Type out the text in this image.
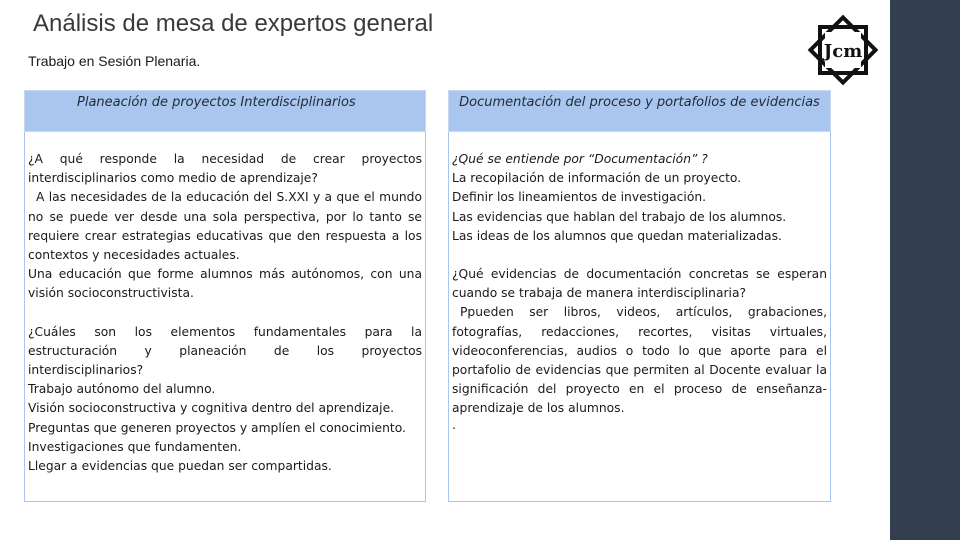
Análisis de mesa de expertos general
Trabajo en Sesión Plenaria.	Jcm
Planeación de proyectos Interdisciplinarios

¿A qué responde la necesidad de crear proyectos interdisciplinarios como medio de aprendizaje?

A las necesidades de la educación del S.XXI y a que el mundo no se puede ver desde una sola perspectiva, por lo tanto se requiere crear estrategias educativas que den respuesta a los contextos y necesidades actuales.

Una educación que forme alumnos más autónomos, con una visión socioconstructivista.

¿Cuáles son los elementos fundamentales para la estructuración y planeación de los proyectos interdisciplinarios?

Trabajo autónomo del alumno.

Visión socioconstructiva y cognitiva dentro del aprendizaje.

Preguntas que generen proyectos y amplíen el conocimiento.

Investigaciones que fundamenten.

Llegar a evidencias que puedan ser compartidas.

Documentación del proceso y portafolios de evidencias

¿Qué se entiende por “Documentación” ?

La recopilación de información de un proyecto.

Definir los lineamientos de investigación.

Las evidencias que hablan del trabajo de los alumnos.

Las ideas de los alumnos que quedan materializadas.

¿Qué evidencias de documentación concretas se esperan cuando se trabaja de manera interdisciplinaria?

Ppueden ser libros, videos, artículos, grabaciones, fotografías, redacciones, recortes, visitas virtuales, videoconferencias, audios o todo lo que aporte para el portafolio de evidencias que permiten al Docente evaluar la significación del proyecto en el proceso de enseñanza-aprendizaje de los alumnos.

.
